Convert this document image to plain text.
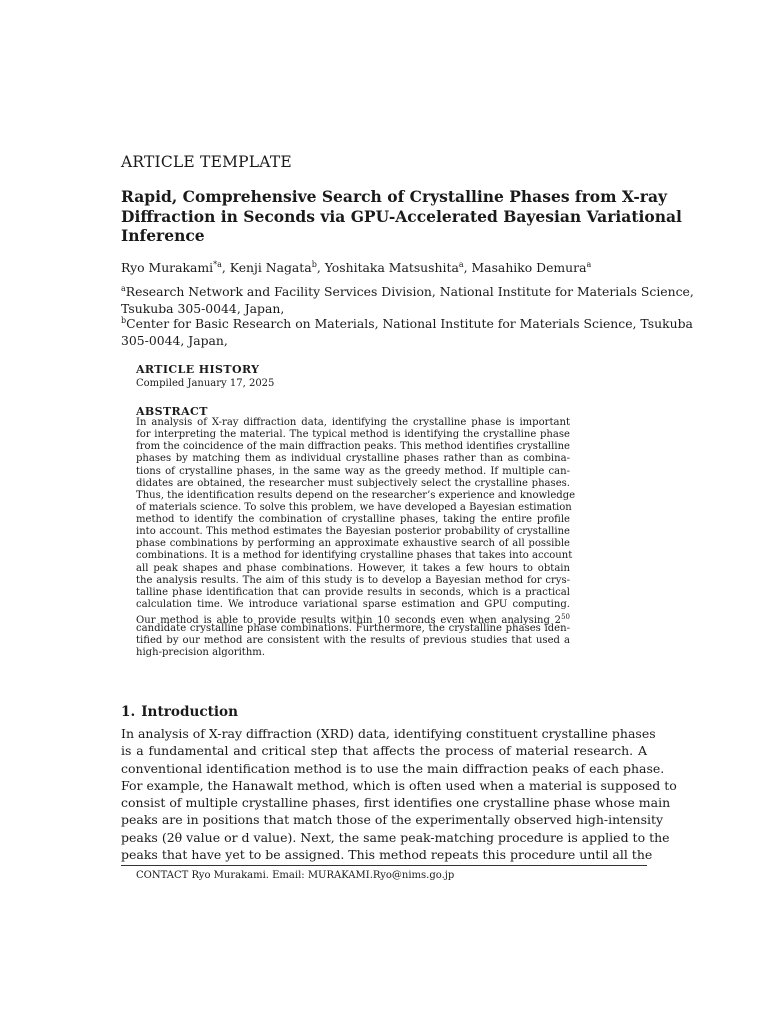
ARTICLE TEMPLATE
Rapid, Comprehensive Search of Crystalline Phases from X-ray
Diffraction in Seconds via GPU-Accelerated Bayesian Variational
Inference
Ryo Murakami$^{*a}$, Kenji Nagata$^b$, Yoshitaka Matsushita$^a$, Masahiko Demura$^a$
$^a$Research Network and Facility Services Division, National Institute for Materials Science,
Tsukuba 305-0044, Japan,
$^b$Center for Basic Research on Materials, National Institute for Materials Science, Tsukuba
305-0044, Japan,
ARTICLE HISTORY
Compiled January 17, 2025
ABSTRACT
In analysis of X-ray diffraction data, identifying the crystalline phase is important
for interpreting the material. The typical method is identifying the crystalline phase
from the coincidence of the main diffraction peaks. This method identifies crystalline
phases by matching them as individual crystalline phases rather than as combina-
tions of crystalline phases, in the same way as the greedy method. If multiple can-
didates are obtained, the researcher must subjectively select the crystalline phases.
Thus, the identification results depend on the researcher’s experience and knowledge
of materials science. To solve this problem, we have developed a Bayesian estimation
method to identify the combination of crystalline phases, taking the entire profile
into account. This method estimates the Bayesian posterior probability of crystalline
phase combinations by performing an approximate exhaustive search of all possible
combinations. It is a method for identifying crystalline phases that takes into account
all peak shapes and phase combinations. However, it takes a few hours to obtain
the analysis results. The aim of this study is to develop a Bayesian method for crys-
talline phase identification that can provide results in seconds, which is a practical
calculation time. We introduce variational sparse estimation and GPU computing.
Our method is able to provide results within 10 seconds even when analysing $2^{50}$
candidate crystalline phase combinations. Furthermore, the crystalline phases iden-
tified by our method are consistent with the results of previous studies that used a
high-precision algorithm.
1. Introduction
In analysis of X-ray diffraction (XRD) data, identifying constituent crystalline phases
is a fundamental and critical step that affects the process of material research. A
conventional identification method is to use the main diffraction peaks of each phase.
For example, the Hanawalt method, which is often used when a material is supposed to
consist of multiple crystalline phases, first identifies one crystalline phase whose main
peaks are in positions that match those of the experimentally observed high-intensity
peaks (2θ value or d value). Next, the same peak-matching procedure is applied to the
peaks that have yet to be assigned. This method repeats this procedure until all the
CONTACT Ryo Murakami. Email: MURAKAMI.Ryo@nims.go.jp
